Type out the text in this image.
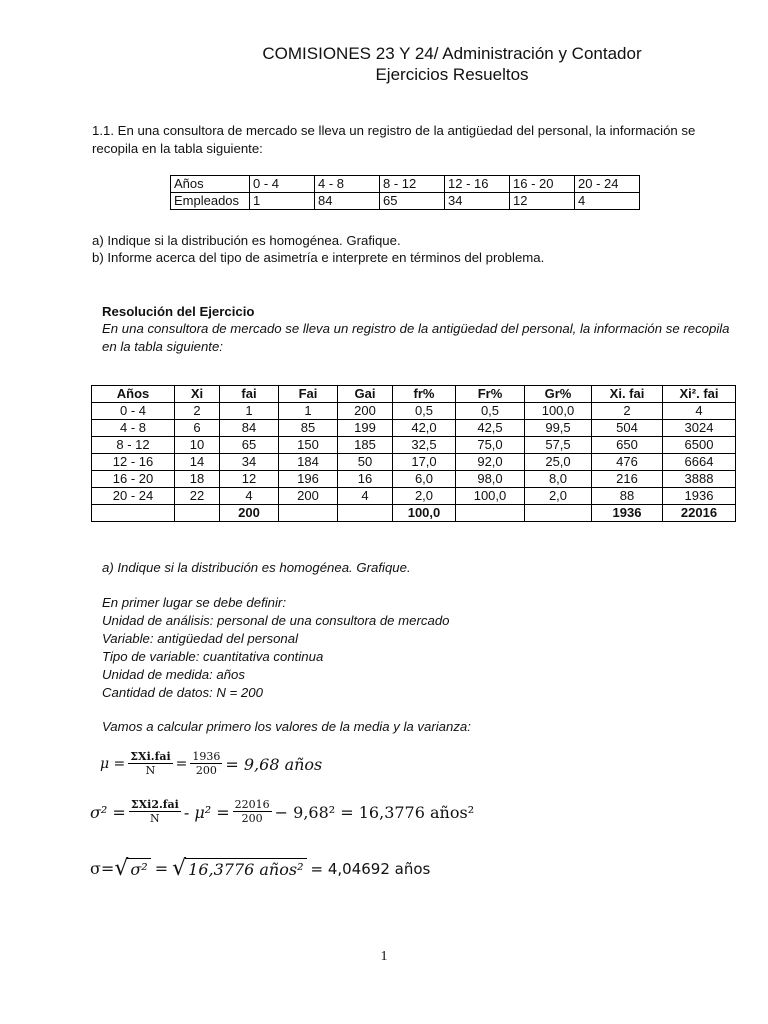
COMISIONES 23 Y 24/ Administración y Contador
Ejercicios Resueltos
1.1. En una consultora de mercado se lleva un registro de la antigüedad del personal, la información se recopila en la tabla siguiente:
Años	0 - 4	4 - 8	8 - 12	12 - 16	16 - 20	20 - 24
Empleados	1	84	65	34	12	4
a) Indique si la distribución es homogénea. Grafique.
b) Informe acerca del tipo de asimetría e interprete en términos del problema.
Resolución del Ejercicio
En una consultora de mercado se lleva un registro de la antigüedad del personal, la información se recopila en la tabla siguiente:
Años	Xi	fai	Fai	Gai	fr%	Fr%	Gr%	Xi. fai	Xi². fai
0 - 4	2	1	1	200	0,5	0,5	100,0	2	4
4 - 8	6	84	85	199	42,0	42,5	99,5	504	3024
8 - 12	10	65	150	185	32,5	75,0	57,5	650	6500
12 - 16	14	34	184	50	17,0	92,0	25,0	476	6664
16 - 20	18	12	196	16	6,0	98,0	8,0	216	3888
20 - 24	22	4	200	4	2,0	100,0	2,0	88	1936
		200			100,0			1936	22016
a) Indique si la distribución es homogénea. Grafique.
En primer lugar se debe definir:
Unidad de análisis: personal de una consultora de mercado
Variable: antigüedad del personal
Tipo de variable: cuantitativa continua
Unidad de medida: años
Cantidad de datos: N = 200
Vamos a calcular primero los valores de la media y la varianza:
$\mu = \frac{\text{ΣXi.fai}}{N} = \frac{1936}{200} = 9,68$ años
$\sigma^2 = \frac{\text{ΣXi2.fai}}{N} - \mu^2 = \frac{22016}{200} - 9,68^2 = 16,3776$ años²
σ= √ σ² = √ 16,3776 años² = 4,04692 años
1
